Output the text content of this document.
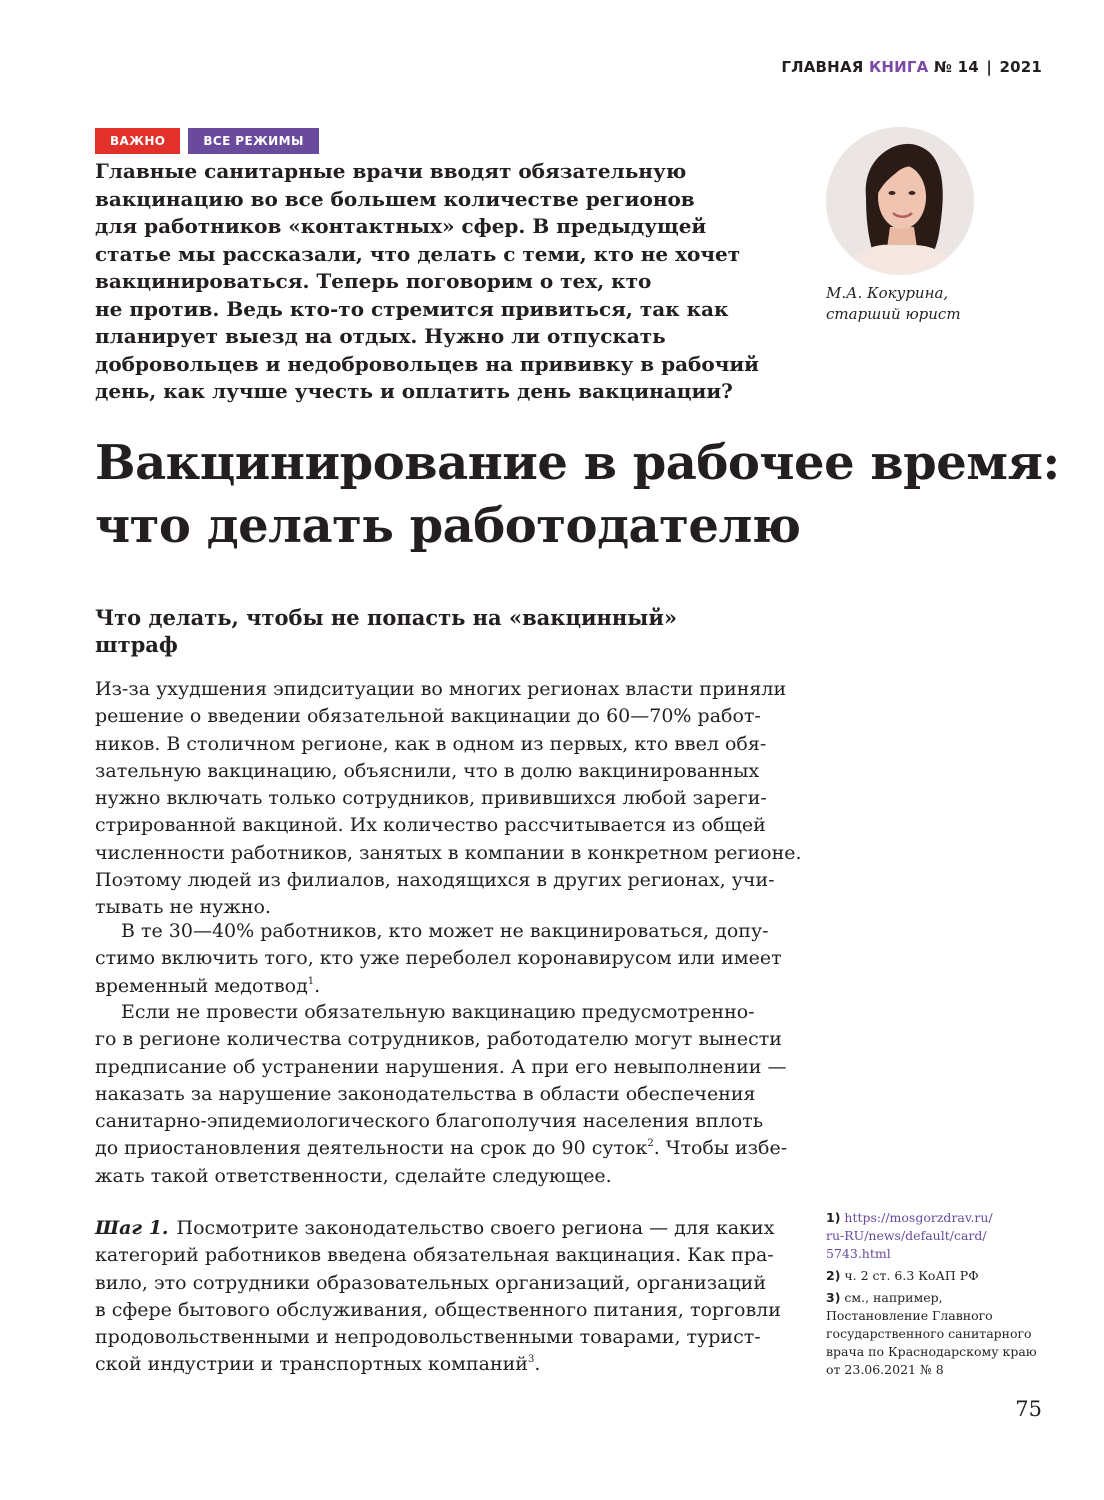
ГЛАВНАЯ КНИГА № 14 | 2021
ВАЖНО	ВСЕ РЕЖИМЫ
Главные санитарные врачи вводят обязательную
вакцинацию во все большем количестве регионов
для работников «контактных» сфер. В предыдущей
статье мы рассказали, что делать с теми, кто не хочет
вакцинироваться. Теперь поговорим о тех, кто
не против. Ведь кто-то стремится привиться, так как
планирует выезд на отдых. Нужно ли отпускать
добровольцев и недобровольцев на прививку в рабочий
день, как лучше учесть и оплатить день вакцинации?
М.А. Кокурина,
старший юрист
Вакцинирование в рабочее время:
что делать работодателю
Что делать, чтобы не попасть на «вакцинный»
штраф
Из-за ухудшения эпидситуации во многих регионах власти приняли
решение о введении обязательной вакцинации до 60—70% работ-
ников. В столичном регионе, как в одном из первых, кто ввел обя-
зательную вакцинацию, объяснили, что в долю вакцинированных
нужно включать только сотрудников, привившихся любой зареги-
стрированной вакциной. Их количество рассчитывается из общей
численности работников, занятых в компании в конкретном регионе.
Поэтому людей из филиалов, находящихся в других регионах, учи-
тывать не нужно.
В те 30—40% работников, кто может не вакцинироваться, допу-
стимо включить того, кто уже переболел коронавирусом или имеет
временный медотвод$^1$.
Если не провести обязательную вакцинацию предусмотренно-
го в регионе количества сотрудников, работодателю могут вынести
предписание об устранении нарушения. А при его невыполнении —
наказать за нарушение законодательства в области обеспечения
санитарно-эпидемиологического благополучия населения вплоть
до приостановления деятельности на срок до 90 суток$^2$. Чтобы избе-
жать такой ответственности, сделайте следующее.
Шаг 1. Посмотрите законодательство своего региона — для каких
категорий работников введена обязательная вакцинация. Как пра-
вило, это сотрудники образовательных организаций, организаций
в сфере бытового обслуживания, общественного питания, торговли
продовольственными и непродовольственными товарами, турист-
ской индустрии и транспортных компаний$^3$.
1) https://mosgorzdrav.ru/
ru-RU/news/default/card/
5743.html
2) ч. 2 ст. 6.3 КоАП РФ
3) см., например,
Постановление Главного
государственного санитарного
врача по Краснодарскому краю
от 23.06.2021 № 8
75
